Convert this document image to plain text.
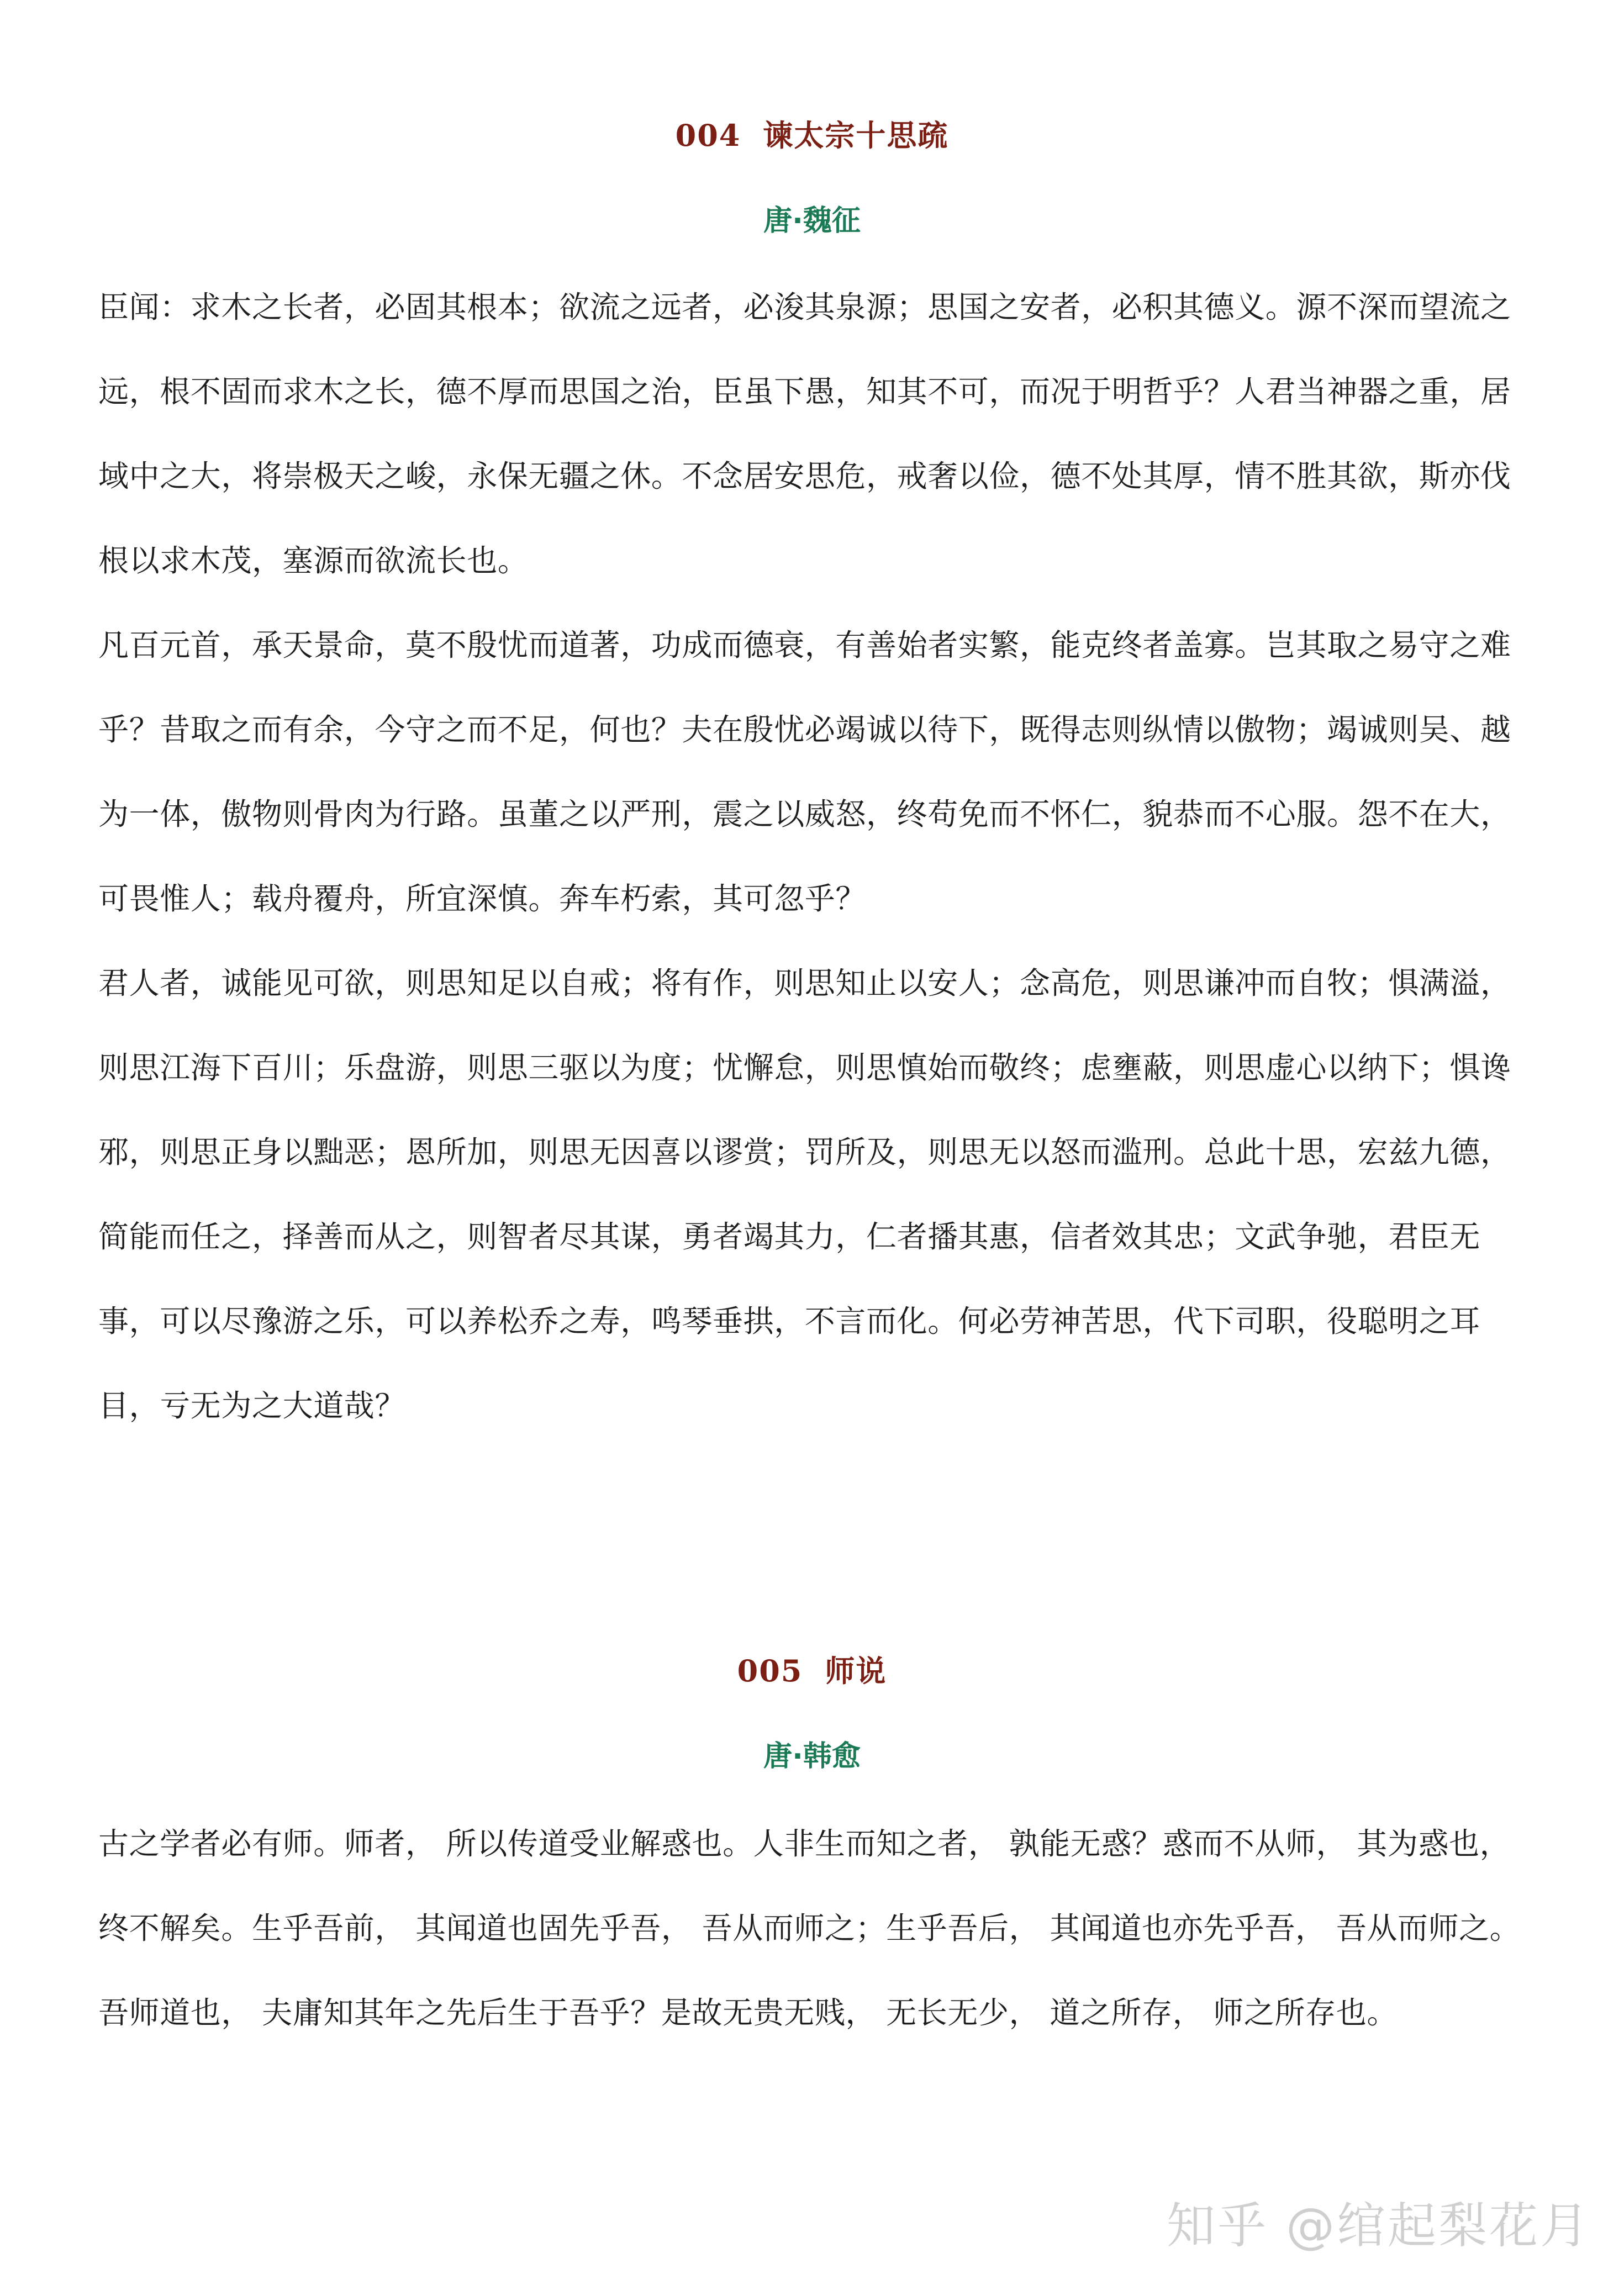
004 谏太宗十思疏
唐·魏征

臣闻：求木之长者，必固其根本；欲流之远者，必浚其泉源；思国之安者，必积其德义。源不深而望流之远，根不固而求木之长，德不厚而思国之治，臣虽下愚，知其不可，而况于明哲乎？人君当神器之重，居域中之大，将崇极天之峻，永保无疆之休。不念居安思危，戒奢以俭，德不处其厚，情不胜其欲，斯亦伐根以求木茂，塞源而欲流长也。

凡百元首，承天景命，莫不殷忧而道著，功成而德衰，有善始者实繁，能克终者盖寡。岂其取之易守之难乎？昔取之而有余，今守之而不足，何也？夫在殷忧必竭诚以待下，既得志则纵情以傲物；竭诚则吴、越为一体，傲物则骨肉为行路。虽董之以严刑，震之以威怒，终苟免而不怀仁，貌恭而不心服。怨不在大，可畏惟人；载舟覆舟，所宜深慎。奔车朽索，其可忽乎？

君人者，诚能见可欲，则思知足以自戒；将有作，则思知止以安人；念高危，则思谦冲而自牧；惧满溢，则思江海下百川；乐盘游，则思三驱以为度；忧懈怠，则思慎始而敬终；虑壅蔽，则思虚心以纳下；惧谗邪，则思正身以黜恶；恩所加，则思无因喜以谬赏；罚所及，则思无以怒而滥刑。总此十思，宏兹九德，简能而任之，择善而从之，则智者尽其谋，勇者竭其力，仁者播其惠，信者效其忠；文武争驰，君臣无事，可以尽豫游之乐，可以养松乔之寿，鸣琴垂拱，不言而化。何必劳神苦思，代下司职，役聪明之耳目，亏无为之大道哉？

005 师说
唐·韩愈

古之学者必有师。师者， 所以传道受业解惑也。人非生而知之者， 孰能无惑？惑而不从师， 其为惑也， 终不解矣。生乎吾前， 其闻道也固先乎吾， 吾从而师之；生乎吾后， 其闻道也亦先乎吾， 吾从而师之。吾师道也， 夫庸知其年之先后生于吾乎？是故无贵无贱， 无长无少， 道之所存， 师之所存也。

知乎 @绾起梨花月
